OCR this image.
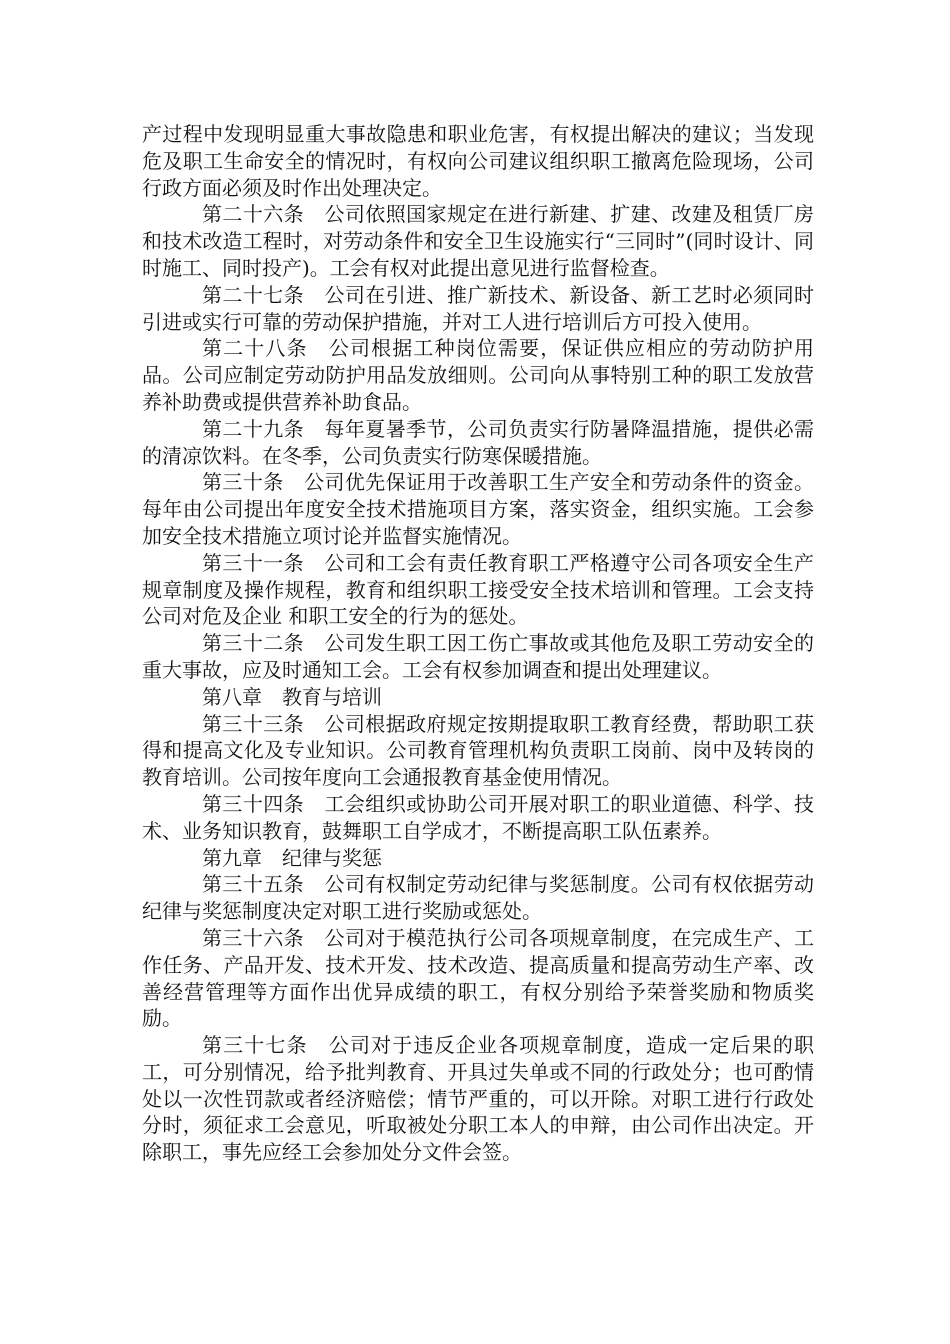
产过程中发现明显重大事故隐患和职业危害，有权提出解决的建议；当发现危及职工生命安全的情况时，有权向公司建议组织职工撤离危险现场，公司行政方面必须及时作出处理决定。

第二十六条　公司依照国家规定在进行新建、扩建、改建及租赁厂房和技术改造工程时，对劳动条件和安全卫生设施实行“三同时”(同时设计、同时施工、同时投产)。工会有权对此提出意见进行监督检查。

第二十七条　公司在引进、推广新技术、新设备、新工艺时必须同时引进或实行可靠的劳动保护措施，并对工人进行培训后方可投入使用。

第二十八条　公司根据工种岗位需要，保证供应相应的劳动防护用品。公司应制定劳动防护用品发放细则。公司向从事特别工种的职工发放营养补助费或提供营养补助食品。

第二十九条　每年夏暑季节，公司负责实行防暑降温措施，提供必需的清凉饮料。在冬季，公司负责实行防寒保暖措施。

第三十条　公司优先保证用于改善职工生产安全和劳动条件的资金。每年由公司提出年度安全技术措施项目方案，落实资金，组织实施。工会参加安全技术措施立项讨论并监督实施情况。

第三十一条　公司和工会有责任教育职工严格遵守公司各项安全生产规章制度及操作规程，教育和组织职工接受安全技术培训和管理。工会支持公司对危及企业 和职工安全的行为的惩处。

第三十二条　公司发生职工因工伤亡事故或其他危及职工劳动安全的重大事故，应及时通知工会。工会有权参加调查和提出处理建议。

第八章　教育与培训

第三十三条　公司根据政府规定按期提取职工教育经费，帮助职工获得和提高文化及专业知识。公司教育管理机构负责职工岗前、岗中及转岗的教育培训。公司按年度向工会通报教育基金使用情况。

第三十四条　工会组织或协助公司开展对职工的职业道德、科学、技术、业务知识教育，鼓舞职工自学成才，不断提高职工队伍素养。

第九章　纪律与奖惩

第三十五条　公司有权制定劳动纪律与奖惩制度。公司有权依据劳动纪律与奖惩制度决定对职工进行奖励或惩处。

第三十六条　公司对于模范执行公司各项规章制度，在完成生产、工作任务、产品开发、技术开发、技术改造、提高质量和提高劳动生产率、改善经营管理等方面作出优异成绩的职工，有权分别给予荣誉奖励和物质奖励。

第三十七条　公司对于违反企业各项规章制度，造成一定后果的职工，可分别情况，给予批判教育、开具过失单或不同的行政处分；也可酌情处以一次性罚款或者经济赔偿；情节严重的，可以开除。对职工进行行政处分时，须征求工会意见，听取被处分职工本人的申辩，由公司作出决定。开除职工，事先应经工会参加处分文件会签。
